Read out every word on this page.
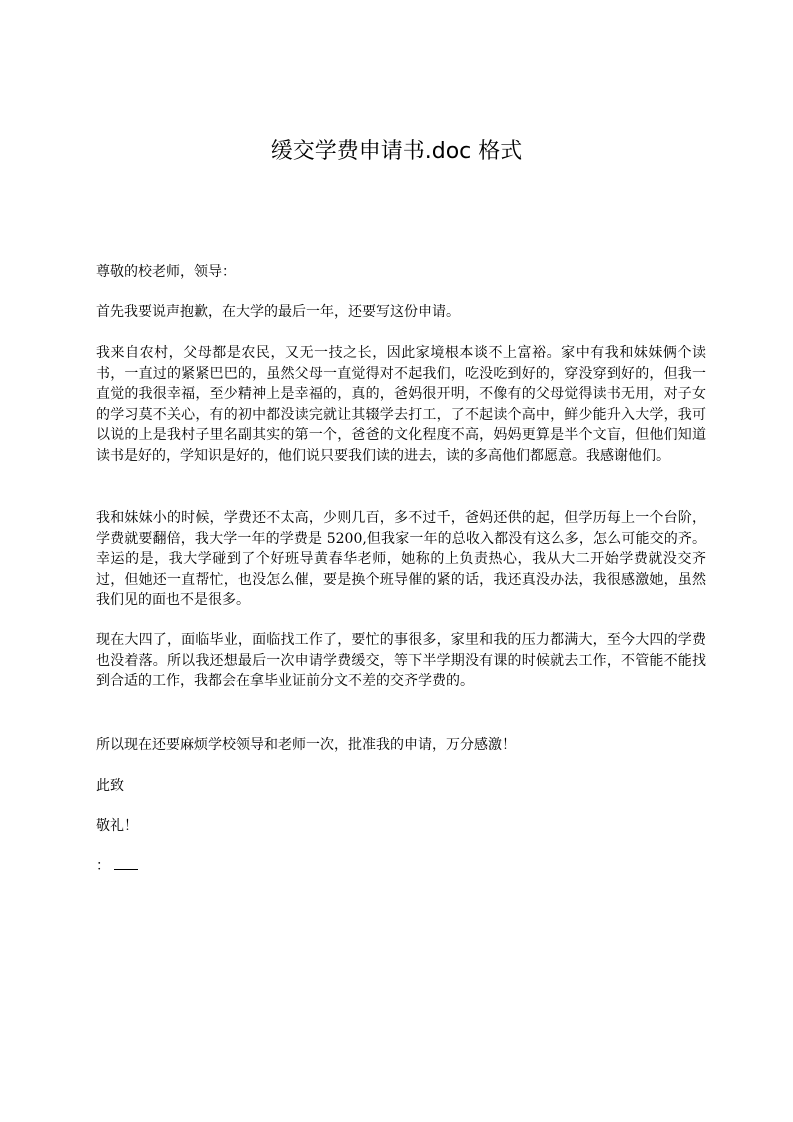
缓交学费申请书.doc 格式

尊敬的校老师，领导：

首先我要说声抱歉，在大学的最后一年，还要写这份申请。

我来自农村，父母都是农民，又无一技之长，因此家境根本谈不上富裕。家中有我和妹妹俩个读书，一直过的紧紧巴巴的，虽然父母一直觉得对不起我们，吃没吃到好的，穿没穿到好的，但我一直觉的我很幸福，至少精神上是幸福的，真的，爸妈很开明，不像有的父母觉得读书无用，对子女的学习莫不关心，有的初中都没读完就让其辍学去打工，了不起读个高中，鲜少能升入大学，我可以说的上是我村子里名副其实的第一个，爸爸的文化程度不高，妈妈更算是半个文盲，但他们知道读书是好的，学知识是好的，他们说只要我们读的进去，读的多高他们都愿意。我感谢他们。

我和妹妹小的时候，学费还不太高，少则几百，多不过千，爸妈还供的起，但学历每上一个台阶，学费就要翻倍，我大学一年的学费是 5200,但我家一年的总收入都没有这么多，怎么可能交的齐。幸运的是，我大学碰到了个好班导黄春华老师，她称的上负责热心，我从大二开始学费就没交齐过，但她还一直帮忙，也没怎么催，要是换个班导催的紧的话，我还真没办法，我很感激她，虽然我们见的面也不是很多。

现在大四了，面临毕业，面临找工作了，要忙的事很多，家里和我的压力都满大，至今大四的学费也没着落。所以我还想最后一次申请学费缓交，等下半学期没有课的时候就去工作，不管能不能找到合适的工作，我都会在拿毕业证前分文不差的交齐学费的。

所以现在还要麻烦学校领导和老师一次，批准我的申请，万分感激！

此致

敬礼！

：
